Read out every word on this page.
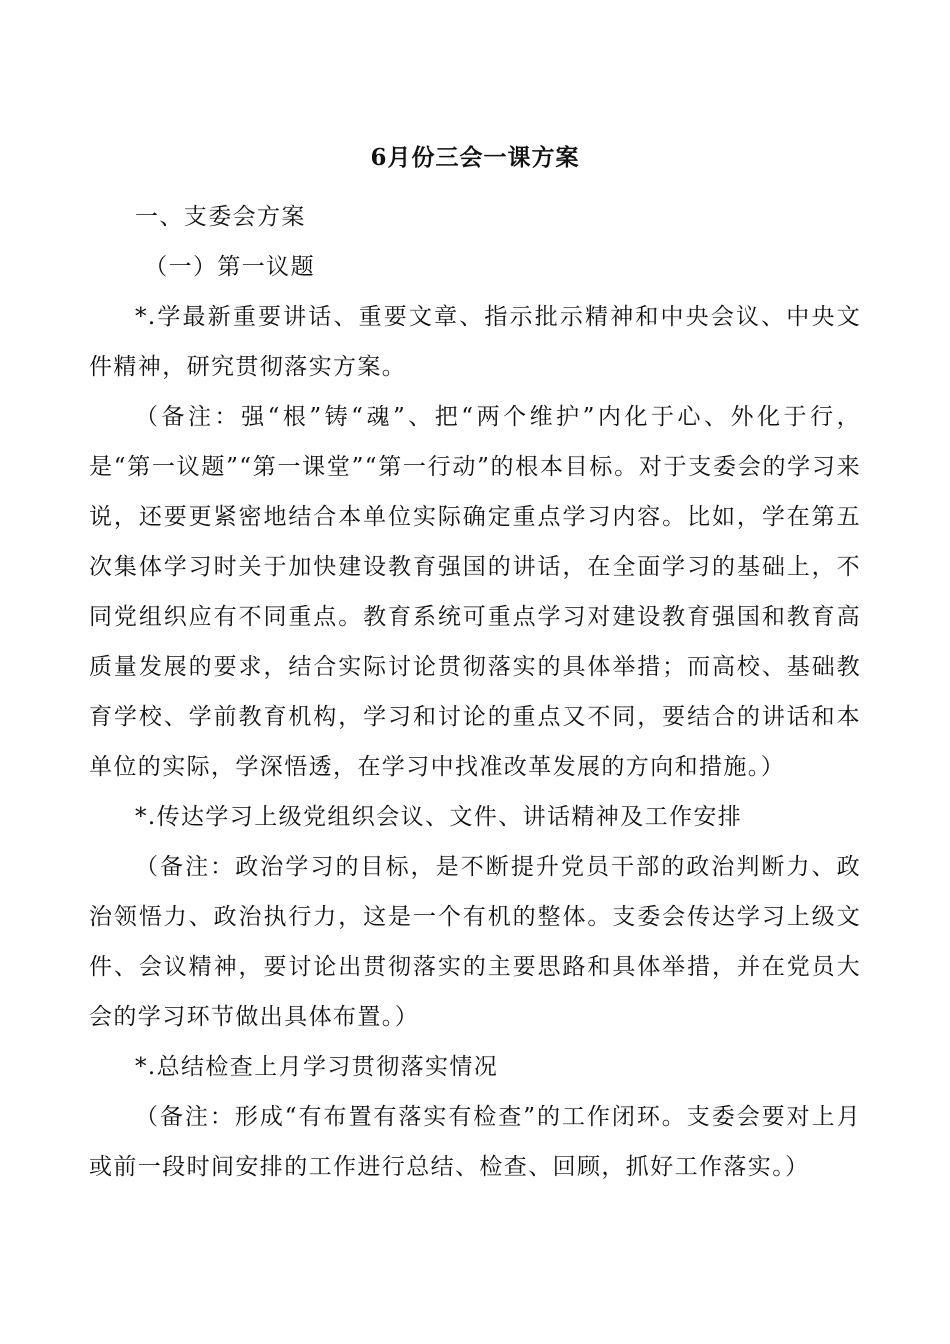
6月份三会一课方案

一、支委会方案

（一）第一议题

*.学最新重要讲话、重要文章、指示批示精神和中央会议、中央文件精神，研究贯彻落实方案。

（备注：强“根”铸“魂”、把“两个维护”内化于心、外化于行，是“第一议题”“第一课堂”“第一行动”的根本目标。对于支委会的学习来说，还要更紧密地结合本单位实际确定重点学习内容。比如，学在第五次集体学习时关于加快建设教育强国的讲话，在全面学习的基础上，不同党组织应有不同重点。教育系统可重点学习对建设教育强国和教育高质量发展的要求，结合实际讨论贯彻落实的具体举措；而高校、基础教育学校、学前教育机构，学习和讨论的重点又不同，要结合的讲话和本单位的实际，学深悟透，在学习中找准改革发展的方向和措施。）

*.传达学习上级党组织会议、文件、讲话精神及工作安排

（备注：政治学习的目标，是不断提升党员干部的政治判断力、政治领悟力、政治执行力，这是一个有机的整体。支委会传达学习上级文件、会议精神，要讨论出贯彻落实的主要思路和具体举措，并在党员大会的学习环节做出具体布置。）

*.总结检查上月学习贯彻落实情况

（备注：形成“有布置有落实有检查”的工作闭环。支委会要对上月或前一段时间安排的工作进行总结、检查、回顾，抓好工作落实。）
